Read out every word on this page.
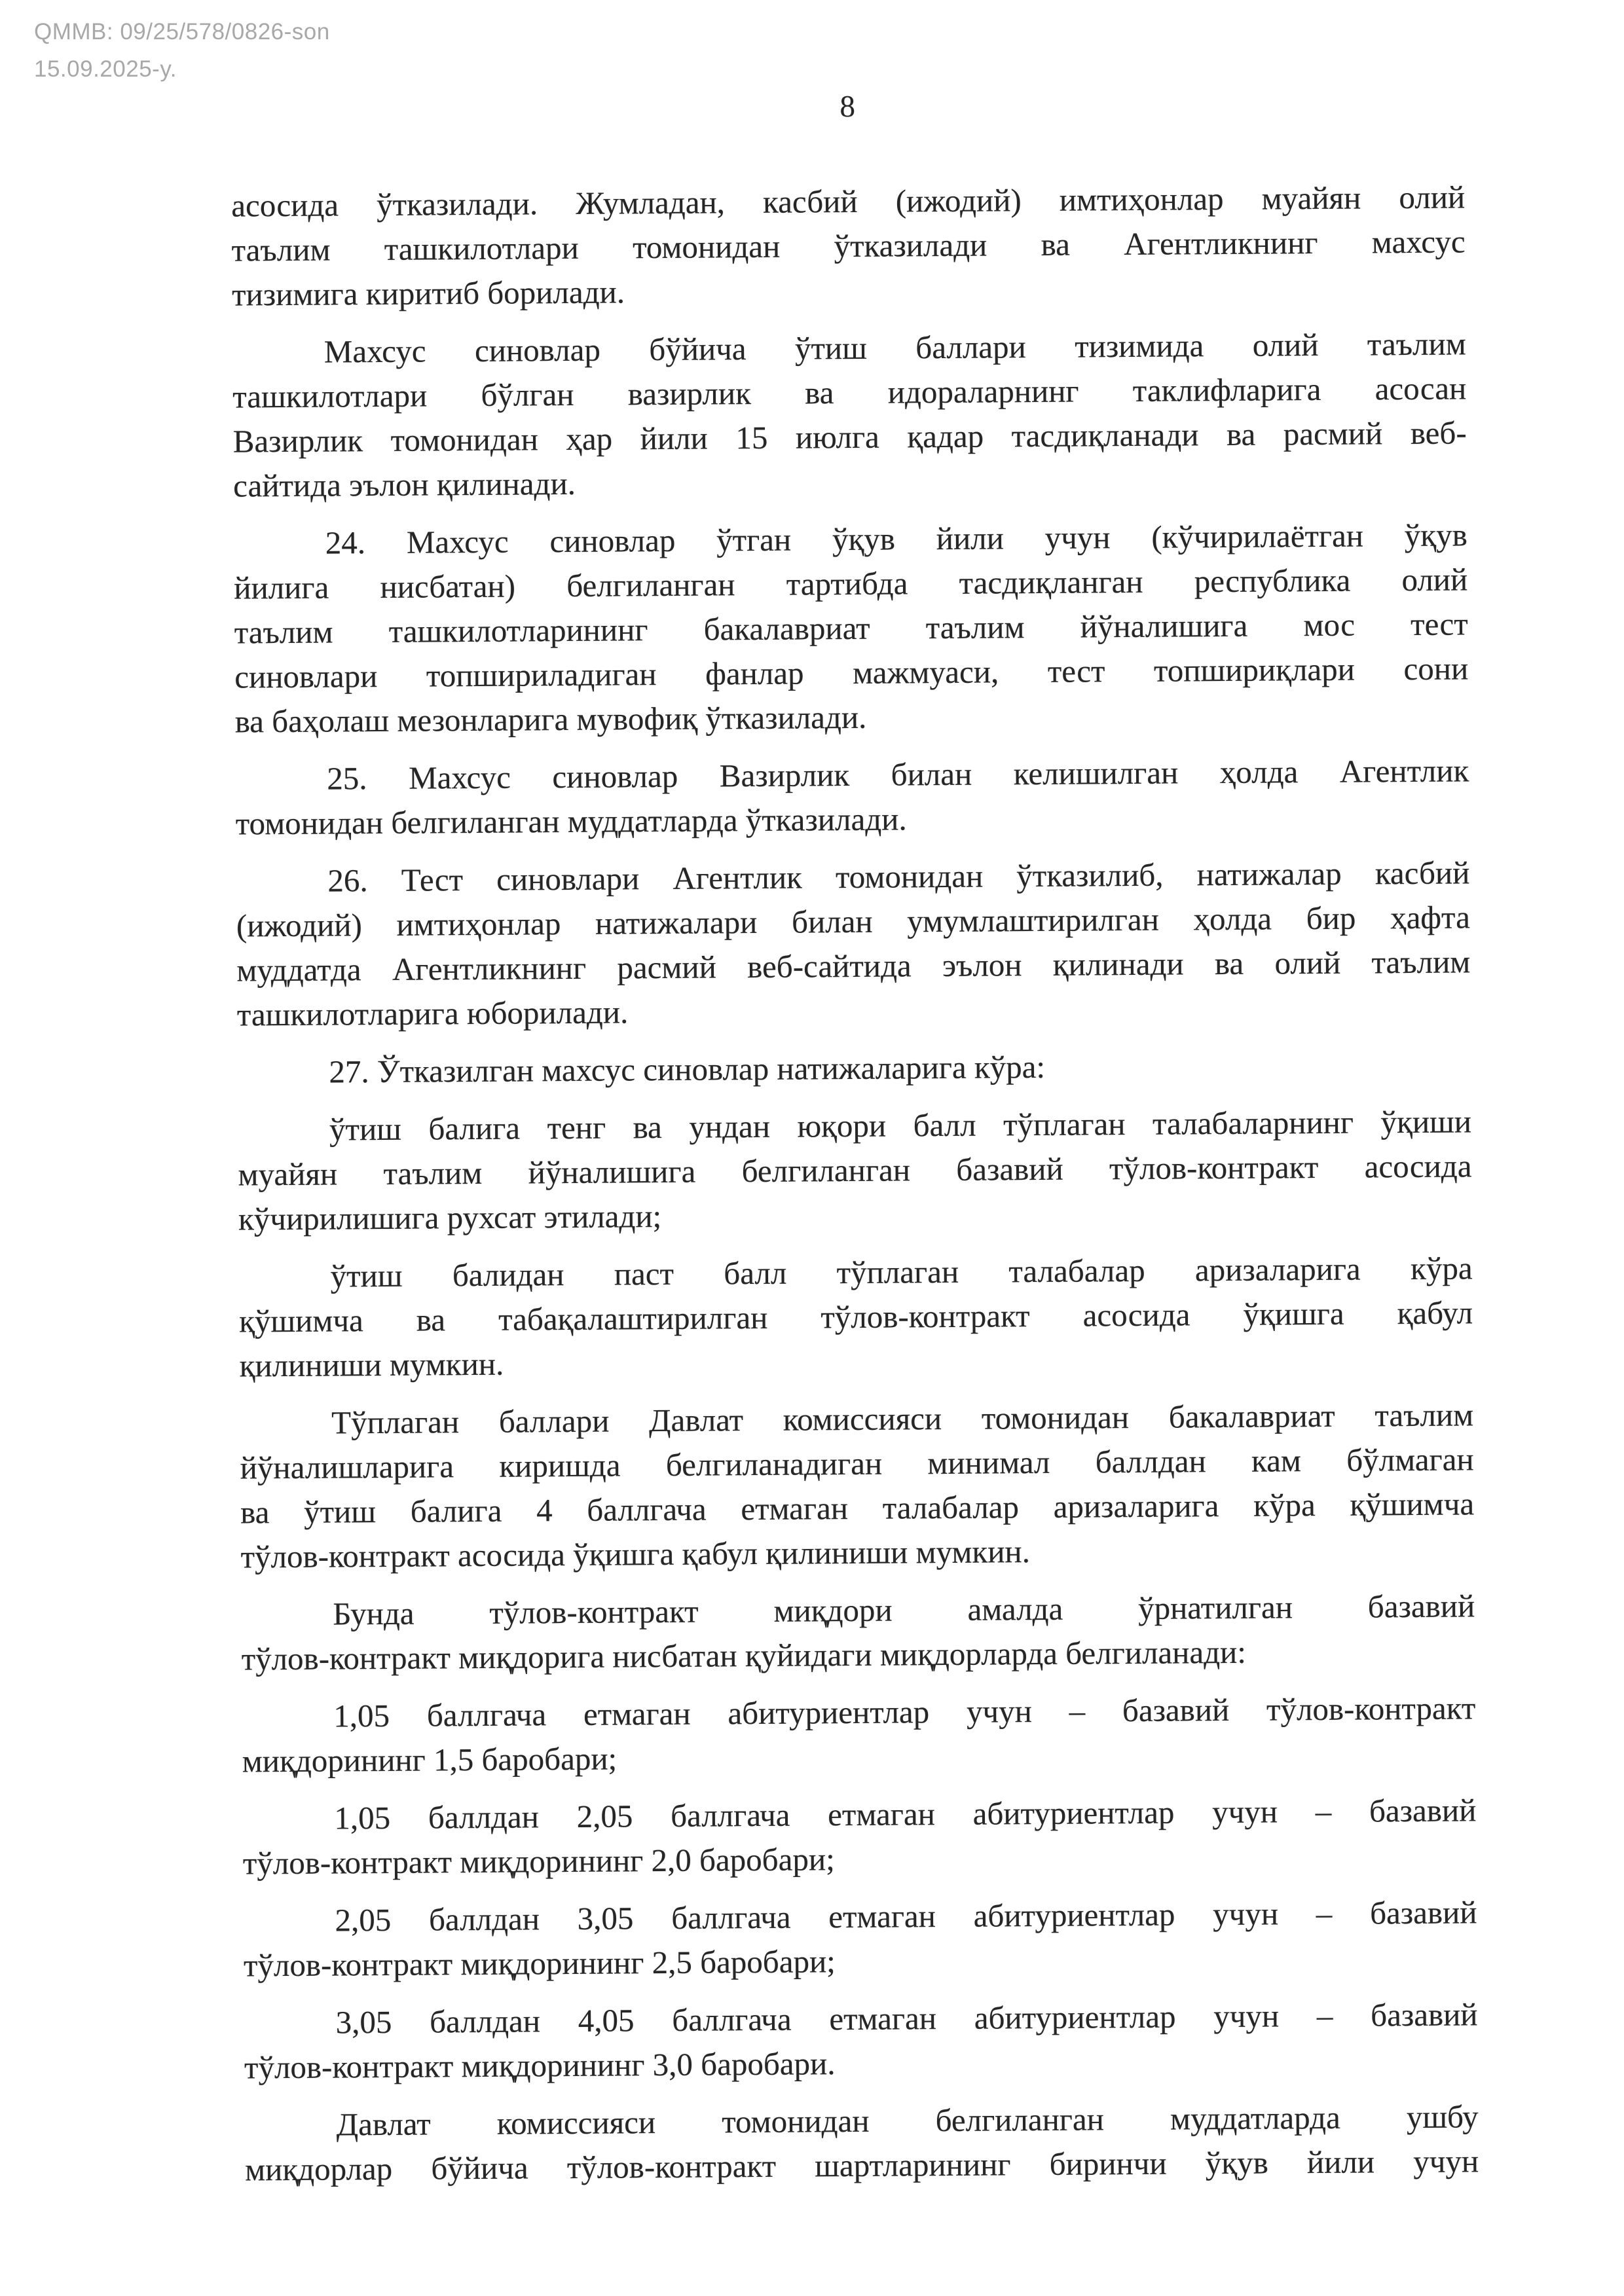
QMMB: 09/25/578/0826-son
15.09.2025-y.
8
асосида ўтказилади. Жумладан, касбий (ижодий) имтиҳонлар муайян олий
таълим ташкилотлари томонидан ўтказилади ва Агентликнинг махсус
тизимига киритиб борилади.
Махсус синовлар бўйича ўтиш баллари тизимида олий таълим
ташкилотлари бўлган вазирлик ва идораларнинг таклифларига асосан
Вазирлик томонидан ҳар йили 15 июлга қадар тасдиқланади ва расмий веб-
сайтида эълон қилинади.
24. Махсус синовлар ўтган ўқув йили учун (кўчирилаётган ўқув
йилига нисбатан) белгиланган тартибда тасдиқланган республика олий
таълим ташкилотларининг бакалавриат таълим йўналишига мос тест
синовлари топшириладиган фанлар мажмуаси, тест топшириқлари сони
ва баҳолаш мезонларига мувофиқ ўтказилади.
25. Махсус синовлар Вазирлик билан келишилган ҳолда Агентлик
томонидан белгиланган муддатларда ўтказилади.
26. Тест синовлари Агентлик томонидан ўтказилиб, натижалар касбий
(ижодий) имтиҳонлар натижалари билан умумлаштирилган ҳолда бир ҳафта
муддатда Агентликнинг расмий веб-сайтида эълон қилинади ва олий таълим
ташкилотларига юборилади.
27. Ўтказилган махсус синовлар натижаларига кўра:
ўтиш балига тенг ва ундан юқори балл тўплаган талабаларнинг ўқиши
муайян таълим йўналишига белгиланган базавий тўлов-контракт асосида
кўчирилишига рухсат этилади;
ўтиш балидан паст балл тўплаган талабалар аризаларига кўра
қўшимча ва табақалаштирилган тўлов-контракт асосида ўқишга қабул
қилиниши мумкин.
Тўплаган баллари Давлат комиссияси томонидан бакалавриат таълим
йўналишларига киришда белгиланадиган минимал баллдан кам бўлмаган
ва ўтиш балига 4 баллгача етмаган талабалар аризаларига кўра қўшимча
тўлов-контракт асосида ўқишга қабул қилиниши мумкин.
Бунда тўлов-контракт миқдори амалда ўрнатилган базавий
тўлов-контракт миқдорига нисбатан қуйидаги миқдорларда белгиланади:
1,05 баллгача етмаган абитуриентлар учун – базавий тўлов-контракт
миқдорининг 1,5 баробари;
1,05 баллдан 2,05 баллгача етмаган абитуриентлар учун – базавий
тўлов-контракт миқдорининг 2,0 баробари;
2,05 баллдан 3,05 баллгача етмаган абитуриентлар учун – базавий
тўлов-контракт миқдорининг 2,5 баробари;
3,05 баллдан 4,05 баллгача етмаган абитуриентлар учун – базавий
тўлов-контракт миқдорининг 3,0 баробари.
Давлат комиссияси томонидан белгиланган муддатларда ушбу
миқдорлар бўйича тўлов-контракт шартларининг биринчи ўқув йили учун
